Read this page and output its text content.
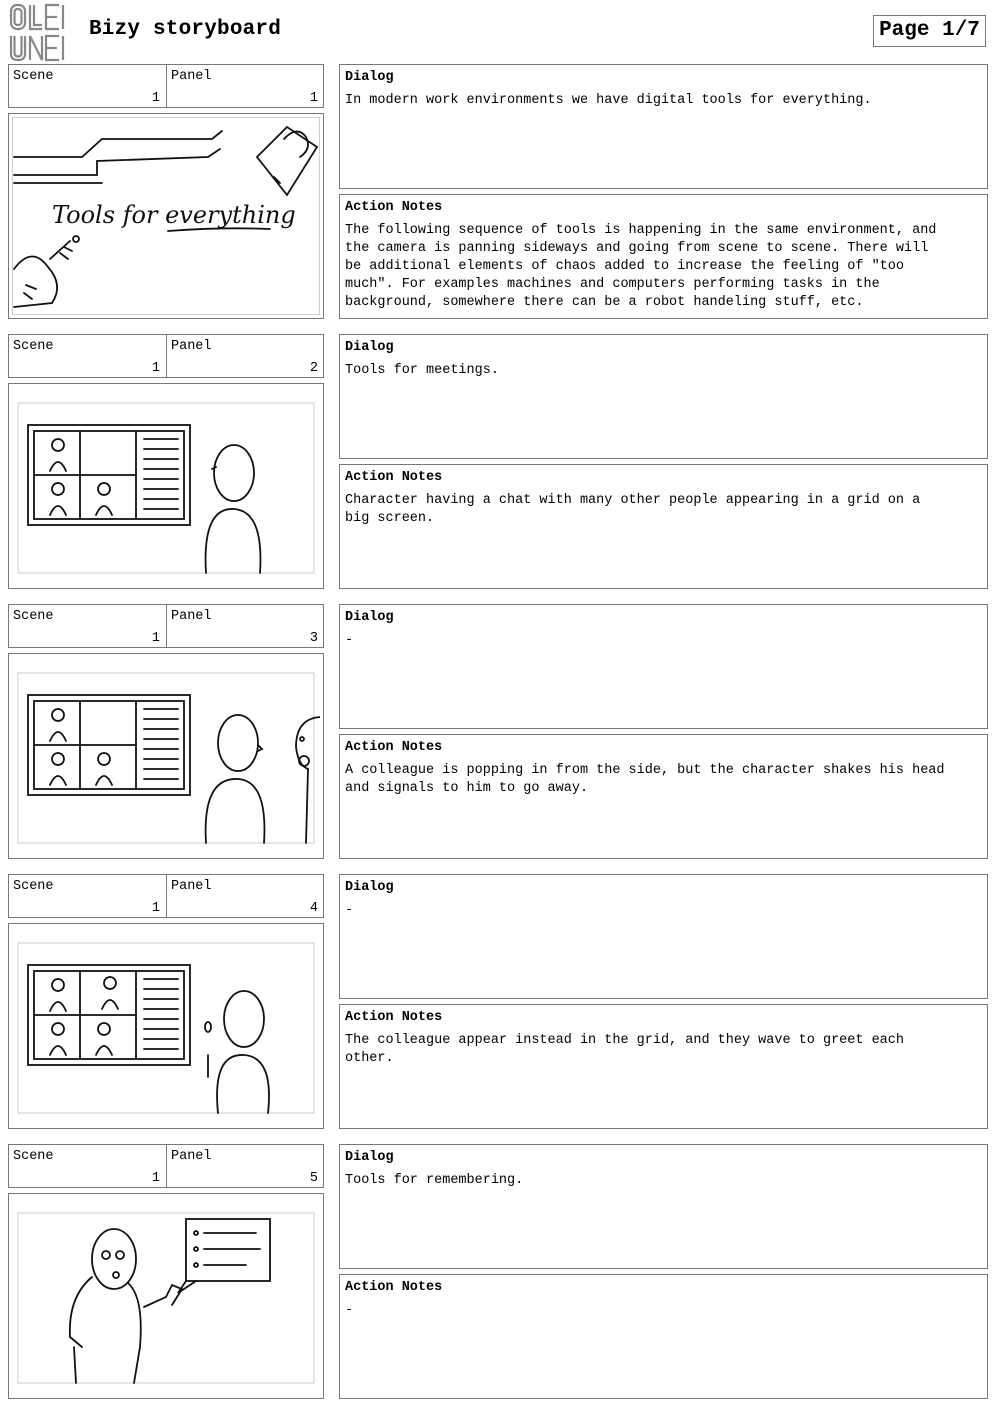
Bizy storyboard	Page 1/7
Scene
1
Panel
1
Tools for everything
Dialog
In modern work environments we have digital tools for everything.
Action Notes
The following sequence of tools is happening in the same environment, and
the camera is panning sideways and going from scene to scene. There will
be additional elements of chaos added to increase the feeling of "too
much". For examples machines and computers performing tasks in the
background, somewhere there can be a robot handeling stuff, etc.
Scene
1
Panel
2
Dialog
Tools for meetings.
Action Notes
Character having a chat with many other people appearing in a grid on a
big screen.
Scene
1
Panel
3
Dialog
-
Action Notes
A colleague is popping in from the side, but the character shakes his head
and signals to him to go away.
Scene
1
Panel
4
Dialog
-
Action Notes
The colleague appear instead in the grid, and they wave to greet each
other.
Scene
1
Panel
5
Dialog
Tools for remembering.
Action Notes
-
